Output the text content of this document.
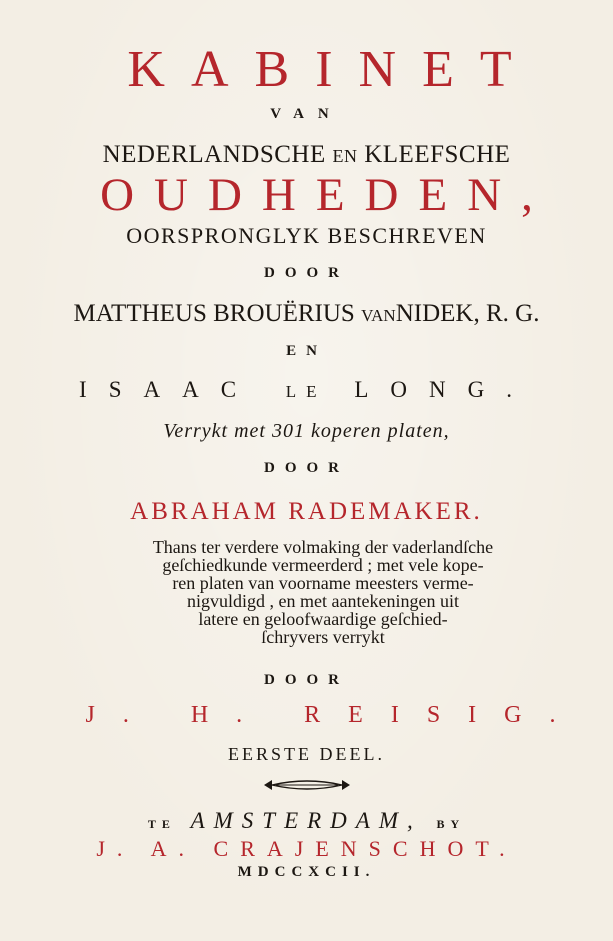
KABINET
VAN
NEDERLANDSCHE EN KLEEFSCHE
OUDHEDEN,
OORSPRONGLYK BESCHREVEN
DOOR
MATTHEUS BROUËRIUS VANNIDEK, R. G.
EN
ISAAC LE LONG.
Verrykt met 301 koperen platen,
DOOR
ABRAHAM RADEMAKER.
Thans ter verdere volmaking der vaderlandſche
geſchiedkunde vermeerderd ; met vele kope-
ren platen van voorname meesters verme-
nigvuldigd , en met aantekeningen uit
latere en geloofwaardige geſchied-
ſchryvers verrykt
DOOR
J. H. REISIG.
EERSTE DEEL.
TE AMSTERDAM, BY
J. A. CRAJENSCHOT.
MDCCXCII.
